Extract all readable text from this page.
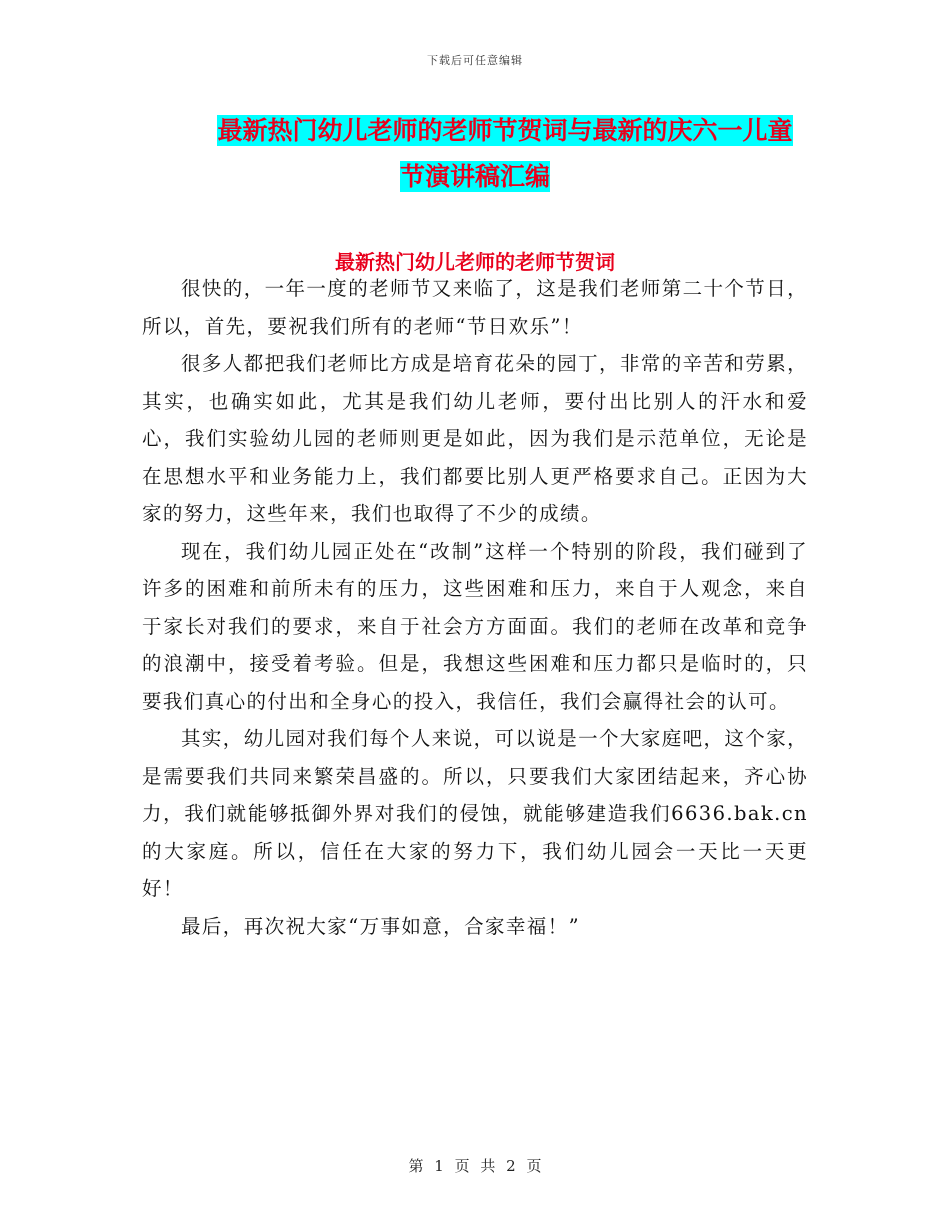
下载后可任意编辑
最新热门幼儿老师的老师节贺词与最新的庆六一儿童
节演讲稿汇编
最新热门幼儿老师的老师节贺词

很快的，一年一度的老师节又来临了，这是我们老师第二十个节日，所以，首先，要祝我们所有的老师“节日欢乐”！

很多人都把我们老师比方成是培育花朵的园丁，非常的辛苦和劳累，其实，也确实如此，尤其是我们幼儿老师，要付出比别人的汗水和爱心，我们实验幼儿园的老师则更是如此，因为我们是示范单位，无论是在思想水平和业务能力上，我们都要比别人更严格要求自己。正因为大家的努力，这些年来，我们也取得了不少的成绩。

现在，我们幼儿园正处在“改制”这样一个特别的阶段，我们碰到了许多的困难和前所未有的压力，这些困难和压力，来自于人观念，来自于家长对我们的要求，来自于社会方方面面。我们的老师在改革和竞争的浪潮中，接受着考验。但是，我想这些困难和压力都只是临时的，只要我们真心的付出和全身心的投入，我信任，我们会赢得社会的认可。

其实，幼儿园对我们每个人来说，可以说是一个大家庭吧，这个家，是需要我们共同来繁荣昌盛的。所以，只要我们大家团结起来，齐心协力，我们就能够抵御外界对我们的侵蚀，就能够建造我们6636.bak.cn的大家庭。所以，信任在大家的努力下，我们幼儿园会一天比一天更好！

最后，再次祝大家“万事如意，合家幸福！”

第 1 页 共 2 页
